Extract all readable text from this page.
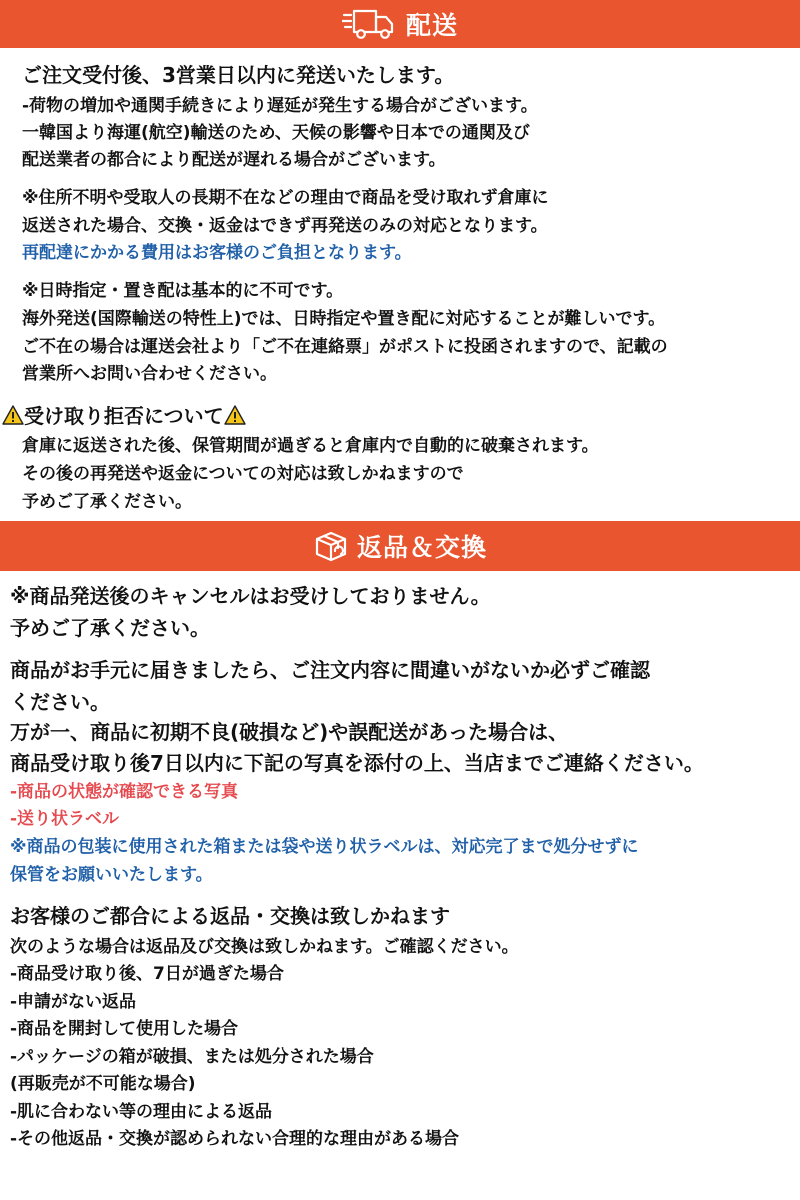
配送
ご注文受付後、3営業日以内に発送いたします。
-荷物の増加や通関手続きにより遅延が発生する場合がございます。
一韓国より海運(航空)輸送のため、天候の影響や日本での通関及び
配送業者の都合により配送が遅れる場合がございます。
※住所不明や受取人の長期不在などの理由で商品を受け取れず倉庫に
返送された場合、交換・返金はできず再発送のみの対応となります。
再配達にかかる費用はお客様のご負担となります。
※日時指定・置き配は基本的に不可です。
海外発送(国際輸送の特性上)では、日時指定や置き配に対応することが難しいです。
ご不在の場合は運送会社より「ご不在連絡票」がポストに投函されますので、記載の
営業所へお問い合わせください。
受け取り拒否について
倉庫に返送された後、保管期間が過ぎると倉庫内で自動的に破棄されます。
その後の再発送や返金についての対応は致しかねますので
予めご了承ください。
返品＆交換
※商品発送後のキャンセルはお受けしておりません。
予めご了承ください。
商品がお手元に届きましたら、ご注文内容に間違いがないか必ずご確認
ください。
万が一、商品に初期不良(破損など)や誤配送があった場合は、
商品受け取り後7日以内に下記の写真を添付の上、当店までご連絡ください。
-商品の状態が確認できる写真
-送り状ラベル
※商品の包装に使用された箱または袋や送り状ラベルは、対応完了まで処分せずに
保管をお願いいたします。
お客様のご都合による返品・交換は致しかねます
次のような場合は返品及び交換は致しかねます。ご確認ください。
-商品受け取り後、7日が過ぎた場合
-申請がない返品
-商品を開封して使用した場合
-パッケージの箱が破損、または処分された場合
(再販売が不可能な場合)
-肌に合わない等の理由による返品
-その他返品・交換が認められない合理的な理由がある場合
